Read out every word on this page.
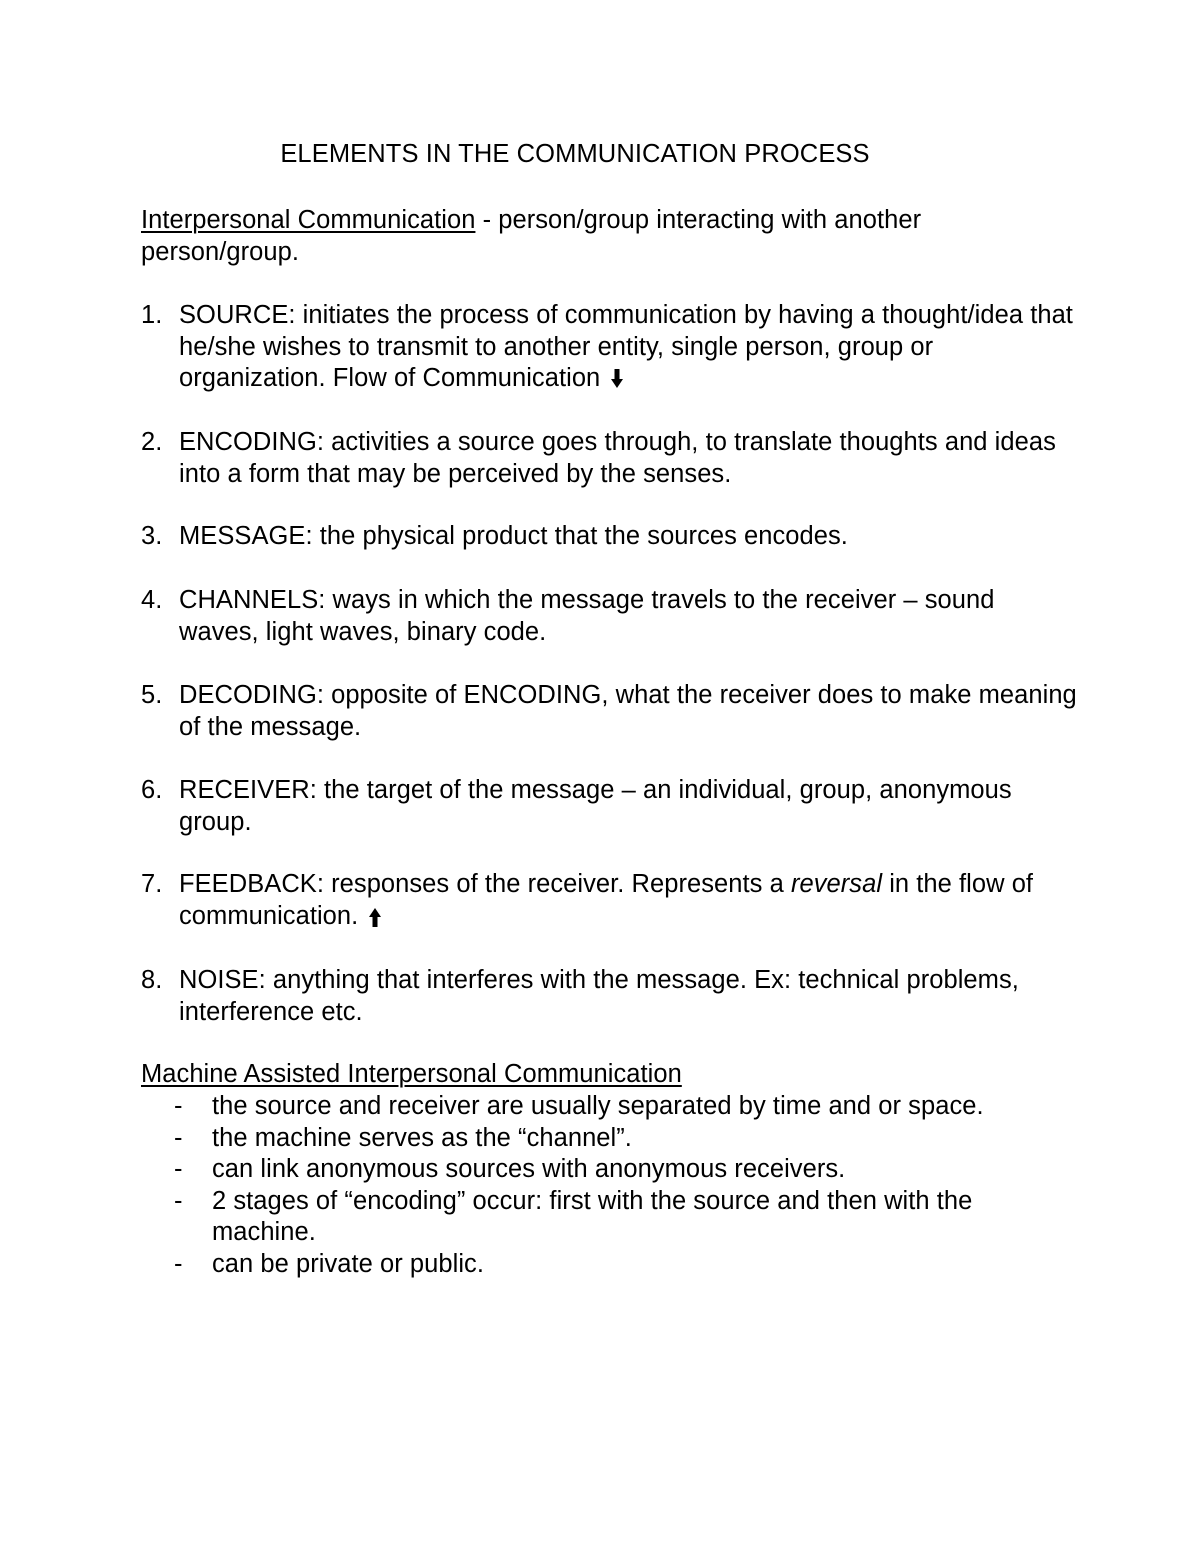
ELEMENTS IN THE COMMUNICATION PROCESS
Interpersonal Communication - person/group interacting with another person/group.
1. SOURCE: initiates the process of communication by having a thought/idea that he/she wishes to transmit to another entity, single person, group or organization. Flow of Communication
2. ENCODING: activities a source goes through, to translate thoughts and ideas into a form that may be perceived by the senses.
3. MESSAGE: the physical product that the sources encodes.
4. CHANNELS: ways in which the message travels to the receiver – sound waves, light waves, binary code.
5. DECODING: opposite of ENCODING, what the receiver does to make meaning of the message.
6. RECEIVER: the target of the message – an individual, group, anonymous group.
7. FEEDBACK: responses of the receiver. Represents a reversal in the flow of communication.
8. NOISE: anything that interferes with the message. Ex: technical problems, interference etc.
Machine Assisted Interpersonal Communication
- the source and receiver are usually separated by time and or space.
- the machine serves as the “channel”.
- can link anonymous sources with anonymous receivers.
- 2 stages of “encoding” occur: first with the source and then with the machine.
- can be private or public.
